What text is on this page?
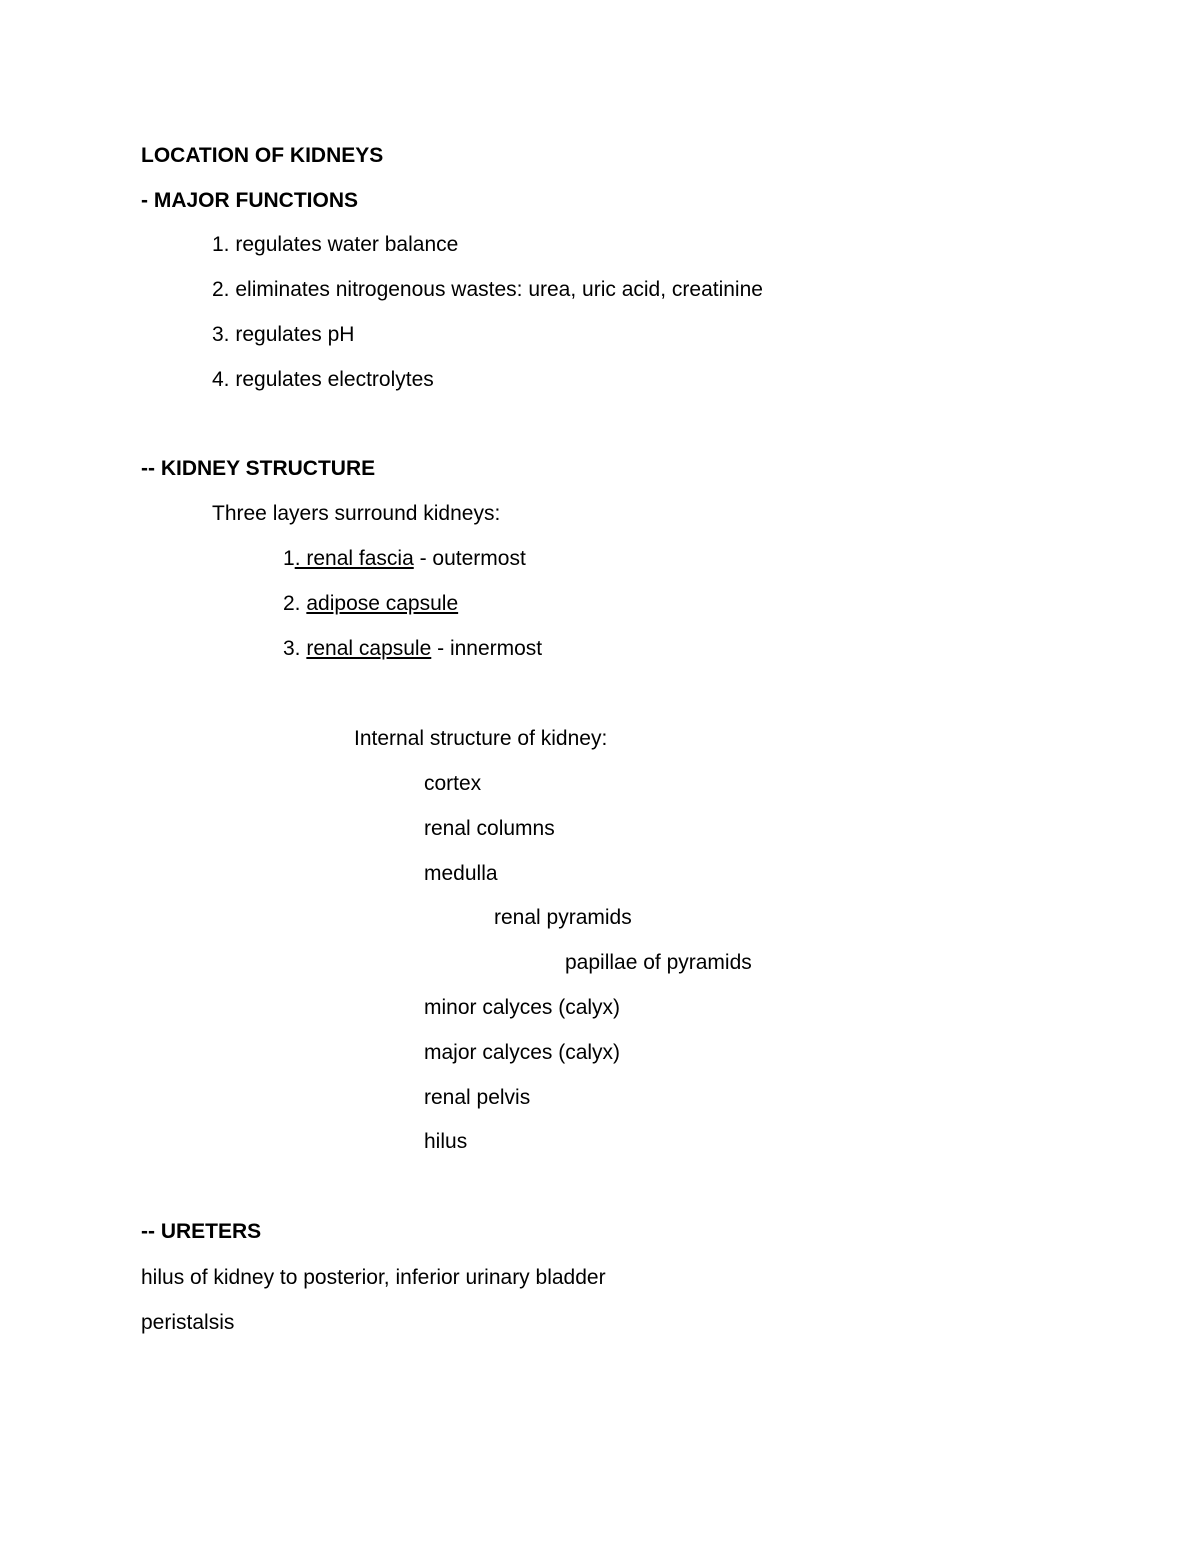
LOCATION OF KIDNEYS
- MAJOR FUNCTIONS
1. regulates water balance
2. eliminates nitrogenous wastes: urea, uric acid, creatinine
3. regulates pH
4. regulates electrolytes
-- KIDNEY STRUCTURE
Three layers surround kidneys:
1. renal fascia - outermost
2. adipose capsule
3. renal capsule - innermost
Internal structure of kidney:
cortex
renal columns
medulla
renal pyramids
papillae of pyramids
minor calyces (calyx)
major calyces (calyx)
renal pelvis
hilus
-- URETERS
hilus of kidney to posterior, inferior urinary bladder
peristalsis
